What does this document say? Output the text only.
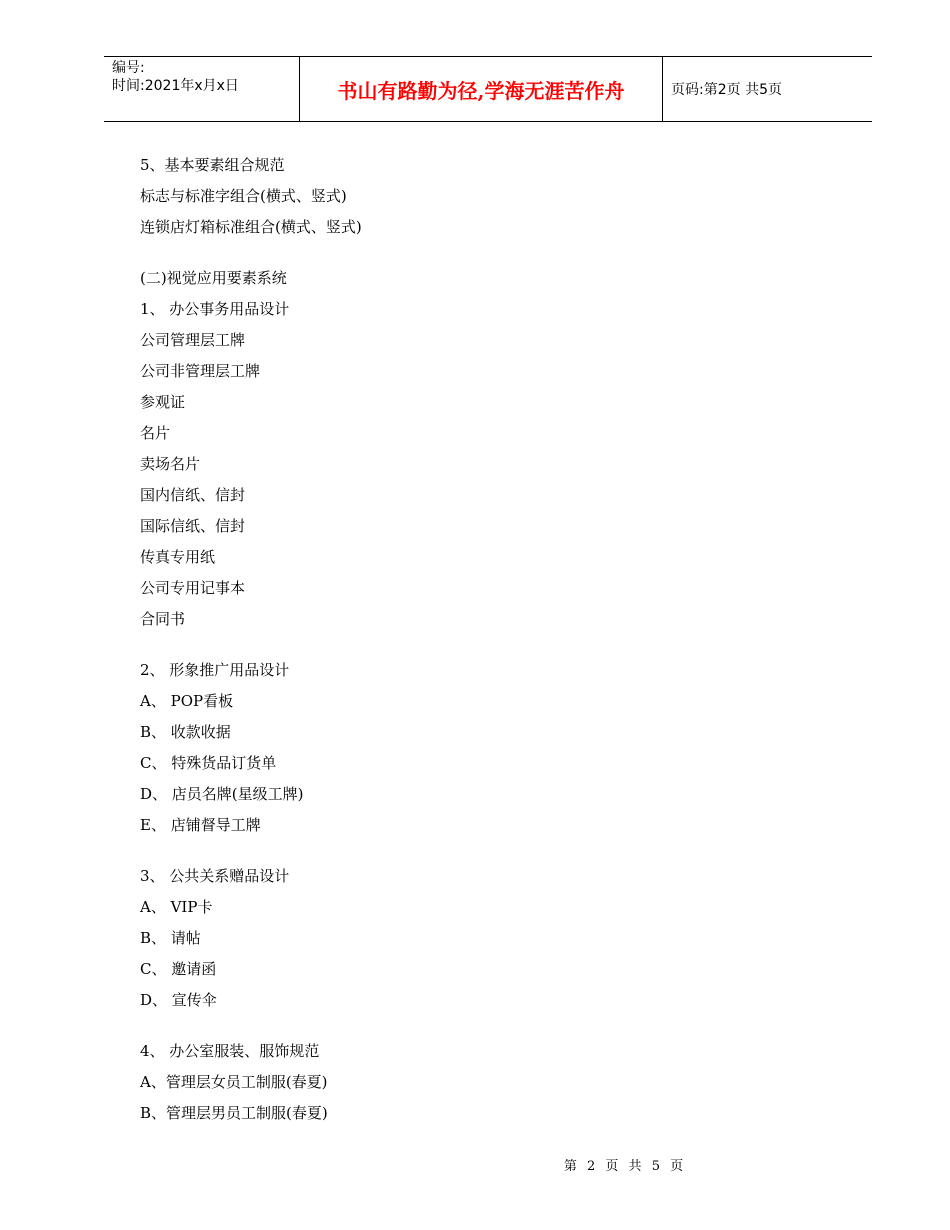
编号:
时间:2021年x月x日	书山有路勤为径,学海无涯苦作舟	页码:第2页 共5页
5、基本要素组合规范
标志与标准字组合(横式、竖式)
连锁店灯箱标准组合(横式、竖式)
(二)视觉应用要素系统
1、 办公事务用品设计
公司管理层工牌
公司非管理层工牌
参观证
名片
卖场名片
国内信纸、信封
国际信纸、信封
传真专用纸
公司专用记事本
合同书
2、 形象推广用品设计
A、 POP看板
B、 收款收据
C、 特殊货品订货单
D、 店员名牌(星级工牌)
E、 店铺督导工牌
3、 公共关系赠品设计
A、 VIP卡
B、 请帖
C、 邀请函
D、 宣传伞
4、 办公室服装、服饰规范
A、管理层女员工制服(春夏)
B、管理层男员工制服(春夏)
第 2 页 共 5 页
